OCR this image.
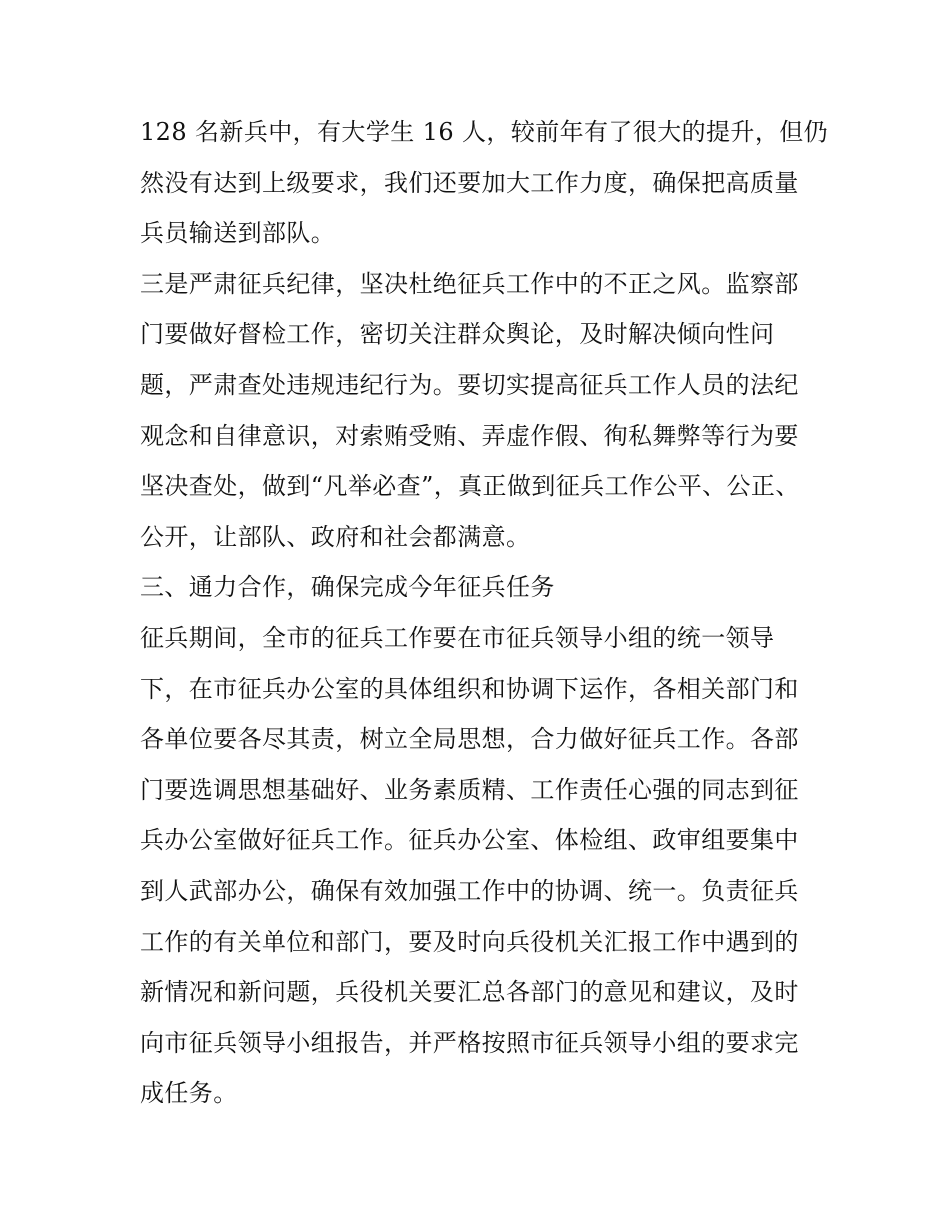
128 名新兵中，有大学生 16 人，较前年有了很大的提升，但仍
然没有达到上级要求，我们还要加大工作力度，确保把高质量
兵员输送到部队。
三是严肃征兵纪律，坚决杜绝征兵工作中的不正之风。监察部
门要做好督检工作，密切关注群众舆论，及时解决倾向性问
题，严肃查处违规违纪行为。要切实提高征兵工作人员的法纪
观念和自律意识，对索贿受贿、弄虚作假、徇私舞弊等行为要
坚决查处，做到“凡举必查”，真正做到征兵工作公平、公正、
公开，让部队、政府和社会都满意。
三、通力合作，确保完成今年征兵任务
征兵期间，全市的征兵工作要在市征兵领导小组的统一领导
下，在市征兵办公室的具体组织和协调下运作，各相关部门和
各单位要各尽其责，树立全局思想，合力做好征兵工作。各部
门要选调思想基础好、业务素质精、工作责任心强的同志到征
兵办公室做好征兵工作。征兵办公室、体检组、政审组要集中
到人武部办公，确保有效加强工作中的协调、统一。负责征兵
工作的有关单位和部门，要及时向兵役机关汇报工作中遇到的
新情况和新问题，兵役机关要汇总各部门的意见和建议，及时
向市征兵领导小组报告，并严格按照市征兵领导小组的要求完
成任务。
